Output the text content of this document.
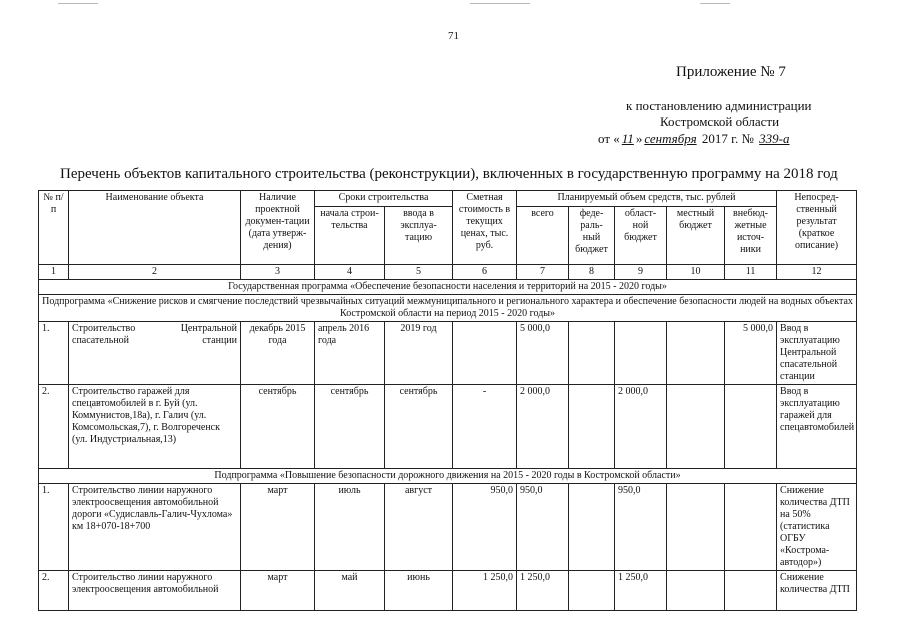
71
Приложение № 7
к постановлению администрации
Костромской области
от « 11 » сентября 2017 г. № 339-а
Перечень объектов капитального строительства (реконструкции), включенных в государственную программу на 2018 год
№ п/п	Наименование объекта	Наличие проектной докумен-тации (дата утверж-дения)	Сроки строительства		Сметная стоимость в текущих ценах, тыс. руб.	Планируемый объем средств, тыс. рублей					Непосред-ственный результат (краткое описание)
			начала строи-тельства	ввода в эксплуа-тацию		всего	феде-раль-ный бюджет	област-ной бюджет	местный бюджет	внебюд-жетные источ-ники	
1	2	3	4	5	6	7	8	9	10	11	12
Государственная программа «Обеспечение безопасности населения и территорий на 2015 - 2020 годы»											
Подпрограмма «Снижение рисков и смягчение последствий чрезвычайных ситуаций межмуниципального и регионального характера и обеспечение безопасности людей на водных объектах Костромской области на период 2015 - 2020 годы»											
1.	Строительство Центральной спасательной станции	декабрь 2015 года	апрель 2016 года	2019 год		5 000,0				5 000,0	Ввод в эксплуатацию Центральной спасательной станции
2.	Строительство гаражей для спецавтомобилей в г. Буй (ул. Коммунистов,18а), г. Галич (ул. Комсомольская,7), г. Волгореченск (ул. Индустриальная,13)	сентябрь	сентябрь	сентябрь	-	2 000,0		2 000,0			Ввод в эксплуатацию гаражей для спецавтомобилей
Подпрограмма «Повышение безопасности дорожного движения на 2015 - 2020 годы в Костромской области»											
1.	Строительство линии наружного электроосвещения автомобильной дороги «Судиславль-Галич-Чухлома» км 18+070-18+700	март	июль	август	950,0	950,0		950,0			Снижение количества ДТП на 50% (статистика ОГБУ «Кострома-автодор»)
2.	Строительство линии наружного электроосвещения автомобильной	март	май	июнь	1 250,0	1 250,0		1 250,0			Снижение количества ДТП
